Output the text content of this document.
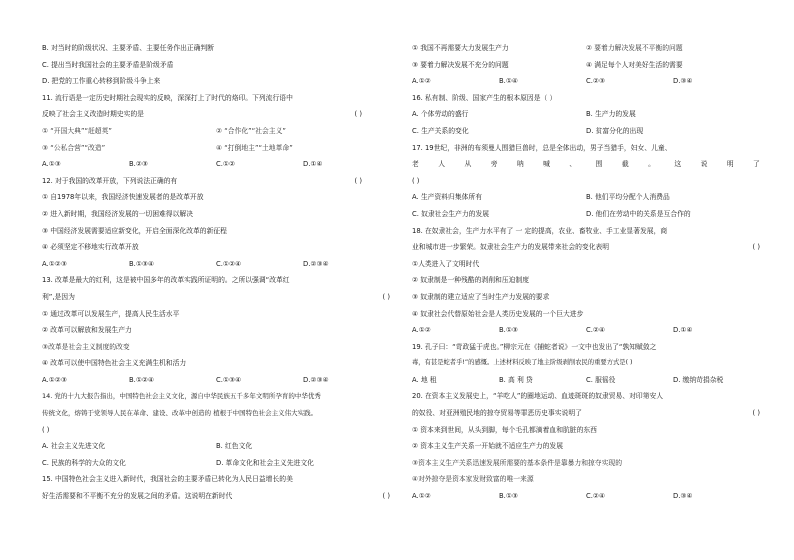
B. 对当时的阶级状况、主要矛盾、主要任务作出正确判断
C. 提出当时我国社会的主要矛盾是阶级矛盾
D. 把党的工作重心转移到阶级斗争上来
11. 流行语是一定历史时期社会现实的反映，深深打上了时代的烙印。下列流行语中
反映了社会主义改造时期史实的是	( )
① “开国大典”“赶超英”	② “合作化”“社会主义”
③ “公私合营”“改造”	④ “打倒地主”“土地革命”
A.①③	B.②③	C.①②	D.①④
12. 对于我国的改革开放，下列说法正确的有	( )
① 自1978年以来，我国经济快速发展者的是改革开放
② 进入新时期，我国经济发展的一切困难得以解决
③ 中国经济发展需要适应新变化，开启全面深化改革的新征程
④ 必须坚定不移地实行改革开放
A.①②③	B.①③④	C.①②④	D.②③④
13. 改革是最大的红利，这是被中国多年的改革实践所证明的。之所以强调“改革红
利”,是因为	( )
① 通过改革可以发展生产，提高人民生活水平
② 改革可以解放和发展生产力
③改革是社会主义制度的改变
④ 改革可以使中国特色社会主义充满生机和活力
A.①②③	B.①②④	C.①③④	D.②③④
14. 党的十九大报告指出，中国特色社会主义文化，源自中华民族五千多年文明所孕育的中华优秀
传统文化，熔铸于党领导人民在革命、建设、改革中创造的 植根于中国特色社会主义伟大实践。
( )
A. 社会主义先进文化	B. 红色文化
C. 民族的科学的大众的文化	D. 革命文化和社会主义先进文化
15. 中国特色社会主义进入新时代，我国社会的主要矛盾已转化为人民日益增长的美
好生活需要和不平衡不充分的发展之间的矛盾。这说明在新时代	( )
① 我国不再需要大力发展生产力	② 要着力解决发展不平衡的问题
③ 要着力解决发展不充分的问题	④ 满足每个人对美好生活的需要
A.①②	B.①④	C.②③	D.③④
16. 私有制、阶级、国家产生的根本原因是（ ）
A. 个体劳动的盛行	B. 生产力的发展
C. 生产关系的变化	D. 贫富分化的出现
17. 19世纪，非洲的布须曼人围猎巨兽时，总是全体出动，男子当猎手，妇女、儿童、
老	人	从	旁	呐	喊	、	围	截	。	这	说	明	了
( )
A. 生产资料归集体所有	B. 他们平均分配个人消费品
C. 奴隶社会生产力的发展	D. 他们在劳动中的关系是互合作的
18. 在奴隶社会，生产力水平有了 一 定的提高，农业、畜牧业、手工业显著发展，商
业和城市进一步繁荣。奴隶社会生产力的发展带来社会的变化表明	( )
①人类进入了文明时代
② 奴隶制是一种残酷的剥削和压迫制度
③ 奴隶制的建立适应了当时生产力发展的要求
④ 奴隶社会代替原始社会是人类历史发展的一个巨大进步
A.①②	B.①③	C.②④	D.①④
19. 孔子曰：“苛政猛于虎也。”柳宗元在《捕蛇者说》一文中也发出了“孰知赋敛之
毒，有甚是蛇者乎!”的感慨。上述材料反映了地主阶级剥削农民的重要方式是( )
A. 地 租	B. 高 利 贷	C. 服徭役	D. 缴纳苛捐杂税
20. 在资本主义发展史上，“羊吃人”的圈地运动、血迹斑斑的奴隶贸易、对印第安人
的奴役、对亚洲殖民地的掠夺贸易等罪恶历史事实说明了	( )
① 资本来到世间，从头到脚，每个毛孔都滴着血和肮脏的东西
② 资本主义生产关系一开始就不适应生产力的发展
③资本主义生产关系迅速发展所需要的基本条件是靠暴力和掠夺实现的
④对外掠夺是资本家发财致富的唯一来源
A.①②	B.①③	C.②④	D.③④
